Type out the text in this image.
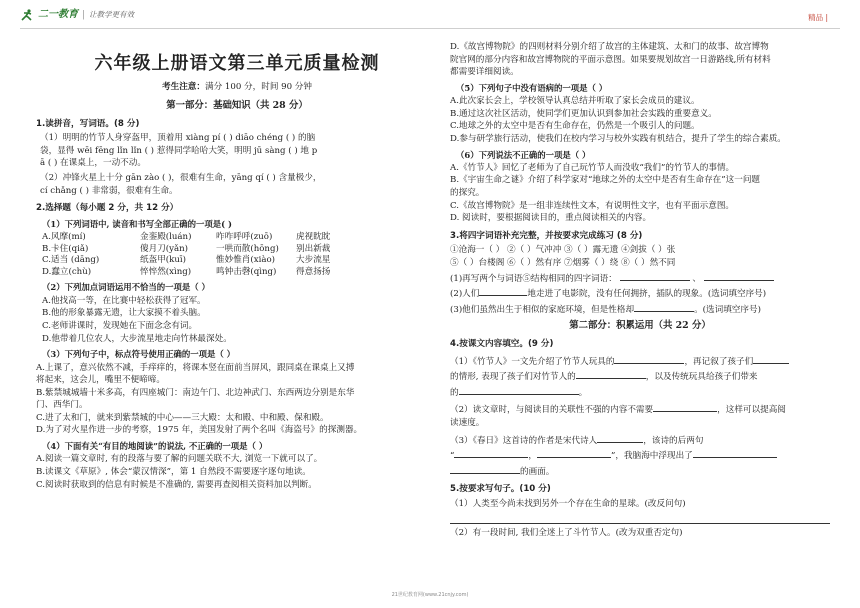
二一教育 | 让教学更有效	精品 |
六年级上册语文第三单元质量检测
考生注意：满分 100 分，时间 90 分钟
第一部分：基础知识（共 28 分）
1.读拼音，写词语。(8 分)

（1）明明的竹节人身穿盔甲，顶着用 xiàng pí ( ) diāo chéng ( ) 的脑

袋，显得 wēi fēng lǐn lǐn ( ) 惹得同学哈哈大笑，明明 jū sàng ( ) 地 p

ā ( ) 在课桌上，一动不动。

（2）冲锋火星上十分 gān zào ( )，很难有生命，yāng qí ( ) 含量极少，

cí chǎng ( ) 非常弱，很难有生命。

2.选择题（每小题 2 分，共 12 分）
（1）下列词语中, 读音和书写全部正确的一项是( )
A.风摩(mí)	金銮殿(luán)	咋咋呼呼(zuō)	虎视眈眈
B.卡住(qiǎ)	傻月刀(yǎn)	一哄而散(hōng)	别出新裁
C.适当 (dāng)	纸盔甲(kuī)	惟妙惟肖(xiào)	大步流星
D.蠢立(chù)	悴悴然(xìng)	鸣钟击磬(qìng)	得意扬扬
（2）下列加点词语运用不恰当的一项是（ ）

A.他找高一等，在比赛中轻松获得了冠军。

B.他的形象暴露无遗，让大家摸不着头脑。

C.老师讲课时，发现她在下面念念有词。

D.他带着几位农人，大步流星地走向竹林最深处。

（3）下列句子中，标点符号使用正确的一项是（ ）

A.上课了，意兴依然不减，手痒痒的，将课本竖在面前当屏风，跟同桌在课桌上又搏

将起来，这会儿，嘴里不便啼啼。

B.紫禁城城墙十米多高，有四座城门：南边午门、北边神武门、东西两边分别是东华

门、西华门。

C.进了太和门，就来到紫禁城的中心——三大殿：太和殿、中和殿、保和殿。

D.为了对火星作进一步的考察，1975 年，美国发射了两个名叫《海盗号》的探测器。

（4）下面有关“有目的地阅读”的说法, 不正确的一项是（ ）

A.阅读一篇文章时, 有的段落与要了解的问题关联不大, 浏览一下就可以了。

B.读课文《草原》, 体会“蒙汉情深”，第 1 自然段不需要逐字逐句地读。

C.阅读时获取到的信息有时候是不准确的, 需要再查阅相关资料加以判断。

D.《故宫博物院》的四则材料分别介绍了故宫的主体建筑、太和门的故事、故宫博物

院官网的部分内容和故宫博物院的平面示意图。如果要规划故宫一日游路线,所有材料

都需要详细阅读。

（5）下列句子中没有语病的一项是（ ）

A.此次家长会上，学校领导认真总结并听取了家长会成员的建议。

B.通过这次社区活动，使同学们更加认识到参加社会实践的重要意义。

C.地球之外的太空中是否有生命存在，仍然是一个吸引人的问题。

D.参与研学旅行活动，使我们在校内学习与校外实践有机结合，提升了学生的综合素质。

（6）下列说法不正确的一项是（ ）

A.《竹节人》回忆了老师为了自己玩竹节人而没收“我们”的竹节人的事情。

B.《宇宙生命之谜》介绍了科学家对“地球之外的太空中是否有生命存在”这一问题

的探究。

C.《故宫博物院》是一组非连续性文本，有说明性文字，也有平面示意图。

D. 阅读时，要根据阅读目的，重点阅读相关的内容。

3.将四字词语补充完整，并按要求完成练习 (8 分)

①沧海一（ ） ②（ ）气冲冲 ③（ ）露无遗 ④剑拔（ ）张

⑤（ ）台楼阁 ⑥（ ）然有序 ⑦烟雾（ ）绕 ⑧（ ）然不同

(1)再写两个与词语⑤结构相同的四字词语：	、

(2)人们	地走进了电影院，没有任何拥挤，插队的现象。(选词填空序号)

(3)他们虽然出生于相似的家庭环境，但是性格却	。(选词填空序号)

第二部分：积累运用（共 22 分）
4.按课文内容填空。(9 分)

（1）《竹节人》一文先介绍了竹节人玩具的	，再记叙了孩子们

的情形, 表现了孩子们对竹节人的	，以及传统玩具给孩子们带来

的	。

（2）读文章时，与阅读目的关联性不强的内容不需要	，这样可以提高阅

读速度。

（3）《春日》这首诗的作者是宋代诗人	，该诗的后两句

“	，	”，我脑海中浮现出了

的画面。

5.按要求写句子。(10 分)

（1）人类至今尚未找到另外一个存在生命的星球。(改反问句)

（2）有一段时间, 我们全迷上了斗竹节人。(改为双重否定句)

21世纪教育网(www.21cnjy.com)
